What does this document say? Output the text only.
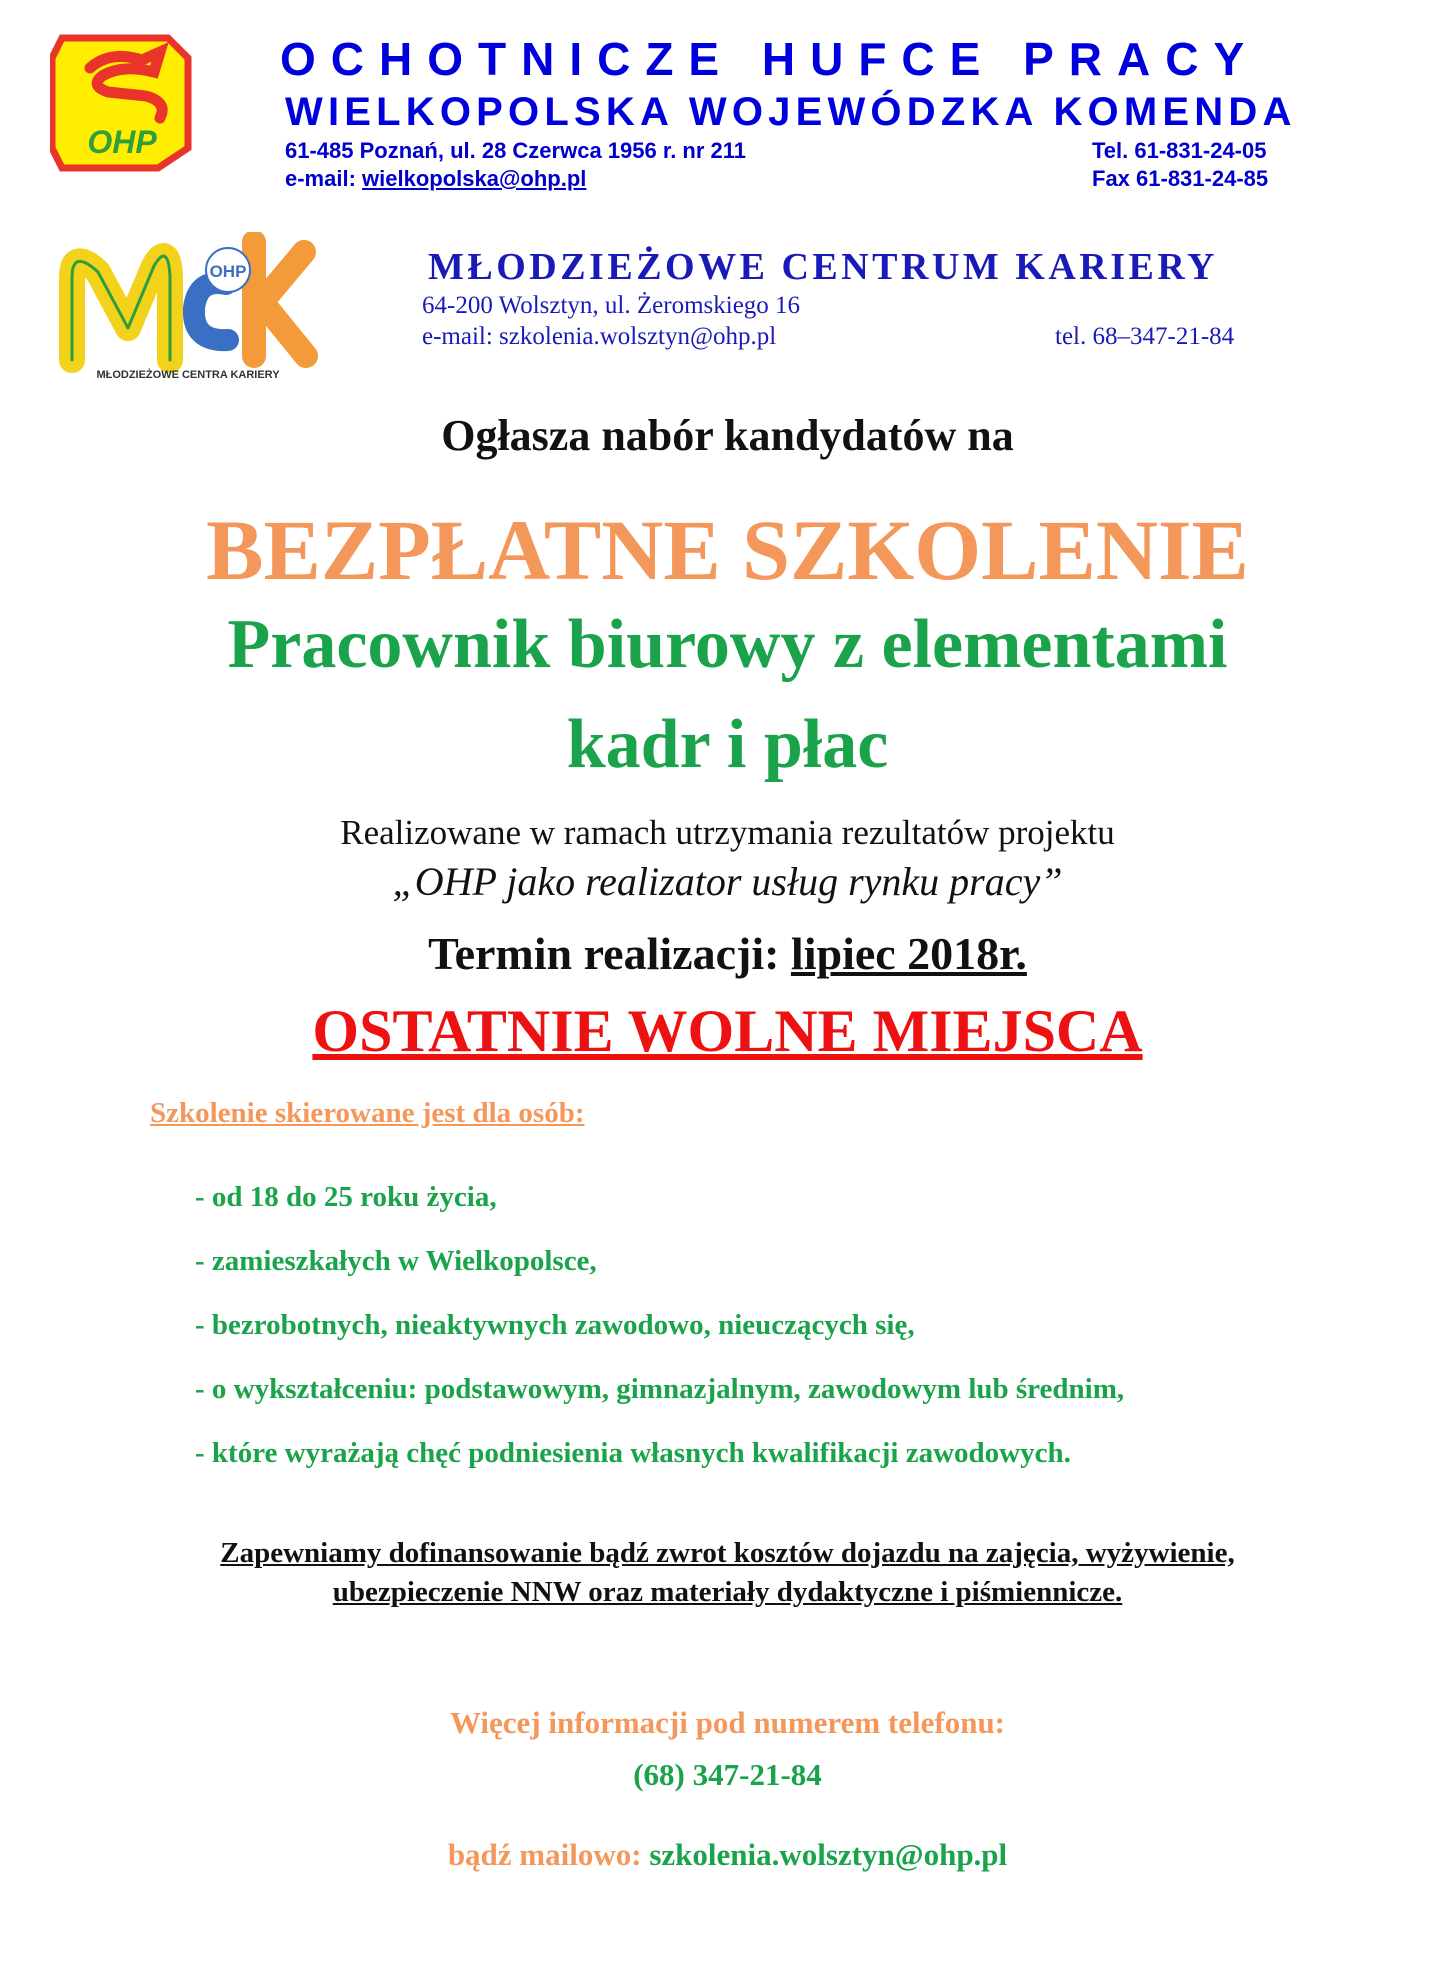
OHP
OCHOTNICZE HUFCE PRACY
WIELKOPOLSKA WOJEWÓDZKA KOMENDA
61-485 Poznań, ul. 28 Czerwca 1956 r. nr 211
e-mail: wielkopolska@ohp.pl
Tel. 61-831-24-05
Fax 61-831-24-85
OHP
MŁODZIEŻOWE CENTRA KARIERY
MŁODZIEŻOWE CENTRUM KARIERY
64-200 Wolsztyn, ul. Żeromskiego 16
e-mail: szkolenia.wolsztyn@ohp.pl	tel. 68–347-21-84
Ogłasza nabór kandydatów na
BEZPŁATNE SZKOLENIE
Pracownik biurowy z elementami
kadr i płac
Realizowane w ramach utrzymania rezultatów projektu
„OHP jako realizator usług rynku pracy”
Termin realizacji: lipiec 2018r.
OSTATNIE WOLNE MIEJSCA
Szkolenie skierowane jest dla osób:
- od 18 do 25 roku życia,
- zamieszkałych w Wielkopolsce,
- bezrobotnych, nieaktywnych zawodowo, nieuczących się,
- o wykształceniu: podstawowym, gimnazjalnym, zawodowym lub średnim,
- które wyrażają chęć podniesienia własnych kwalifikacji zawodowych.
Zapewniamy dofinansowanie bądź zwrot kosztów dojazdu na zajęcia, wyżywienie,
ubezpieczenie NNW oraz materiały dydaktyczne i piśmiennicze.
Więcej informacji pod numerem telefonu:
(68) 347-21-84
bądź mailowo: szkolenia.wolsztyn@ohp.pl
